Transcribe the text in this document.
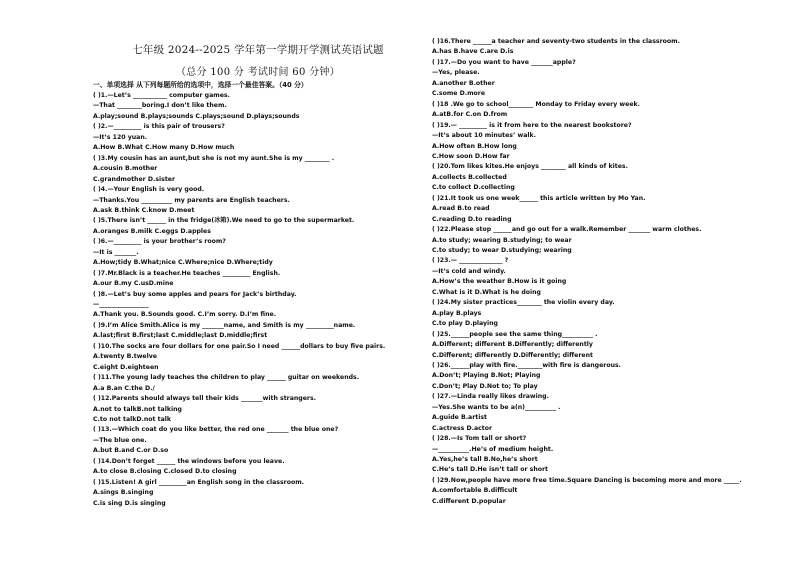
七年级 2024--2025 学年第一学期开学测试英语试题
（总分 100 分 考试时间 60 分钟）
一、单项选择 从下列每题所给的选项中，选择一个最佳答案。（40 分）
( )1.—Let’s ___________ computer games.
—That ________boring.I don’t like them.
A.play;sound B.plays;sounds C.plays;sound D.plays;sounds
( )2.—_________ is this pair of trousers?
—It’s 120 yuan.
A.How B.What C.How many D.How much
( )3.My cousin has an aunt,but she is not my aunt.She is my ________ .
A.cousin B.mother
C.grandmother D.sister
( )4.—Your English is very good.
—Thanks.You __________ my parents are English teachers.
A.ask B.think C.know D.meet
( )5.There isn’t ______ in the fridge(冰箱).We need to go to the supermarket.
A.oranges B.milk C.eggs D.apples
( )6.—_________ is your brother’s room?
—It is _______.
A.How;tidy B.What;nice C.Where;nice D.Where;tidy
( )7.Mr.Black is a teacher.He teaches _________ English.
A.our B.my C.usD.mine
( )8.—Let’s buy some apples and pears for Jack’s birthday.
—________________
A.Thank you. B.Sounds good. C.I’m sorry. D.I’m fine.
( )9.I’m Alice Smith.Alice is my _______name, and Smith is my _________name.
A.last;first B.first;last C.middle;last D.middle;first
( )10.The socks are four dollars for one pair.So I need ______dollars to buy five pairs.
A.twenty B.twelve
C.eight D.eighteen
( )11.The young lady teaches the children to play ______ guitar on weekends.
A.a B.an C.the D./
( )12.Parents should always tell their kids _______with strangers.
A.not to talkB.not talking
C.to not talkD.not talk
( )13.—Which coat do you like better, the red one _______ the blue one?
—The blue one.
A.but B.and C.or D.so
( )14.Don’t forget ______ the windows before you leave.
A.to close B.closing C.closed D.to closing
( )15.Listen! A girl _________an English song in the classroom.
A.sings B.singing
C.is sing D.is singing
( )16.There ______a teacher and seventy-two students in the classroom.
A.has B.have C.are D.is
( )17.—Do you want to have _______apple?
—Yes, please.
A.another B.other
C.some D.more
( )18 .We go to school________ Monday to Friday every week.
A.atB.for C.on D.from
( )19.— _________ is it from here to the nearest bookstore?
—It’s about 10 minutes’ walk.
A.How often B.How long
C.How soon D.How far
( )20.Tom likes kites.He enjoys ________ all kinds of kites.
A.collects B.collected
C.to collect D.collecting
( )21.It took us one week______ this article written by Mo Yan.
A.read B.to read
C.reading D.to reading
( )22.Please stop ______and go out for a walk.Remember _______ warm clothes.
A.to study; wearing B.studying; to wear
C.to study; to wear D.studying; wearing
( )23.— ______________ ?
—It’s cold and windy.
A.How’s the weather B.How is it going
C.What is it D.What is he doing
( )24.My sister practices________ the violin every day.
A.play B.plays
C.to play D.playing
( )25.______people see the same thing__________ .
A.Different; different B.Differently; differently
C.Different; differently D.Differently; different
( )26.______play with fire.________with fire is dangerous.
A.Don’t; Playing B.Not; Playing
C.Don’t; Play D.Not to; To play
( )27.—Linda really likes drawing.
—Yes.She wants to be a(n)__________ .
A.guide B.artist
C.actress D.actor
( )28.—Is Tom tall or short?
—__________.He’s of medium height.
A.Yes,he’s tall B.No,he’s short
C.He’s tall D.He isn’t tall or short
( )29.Now,people have more free time.Square Dancing is becoming more and more _____.
A.comfortable B.difficult
C.different D.popular
